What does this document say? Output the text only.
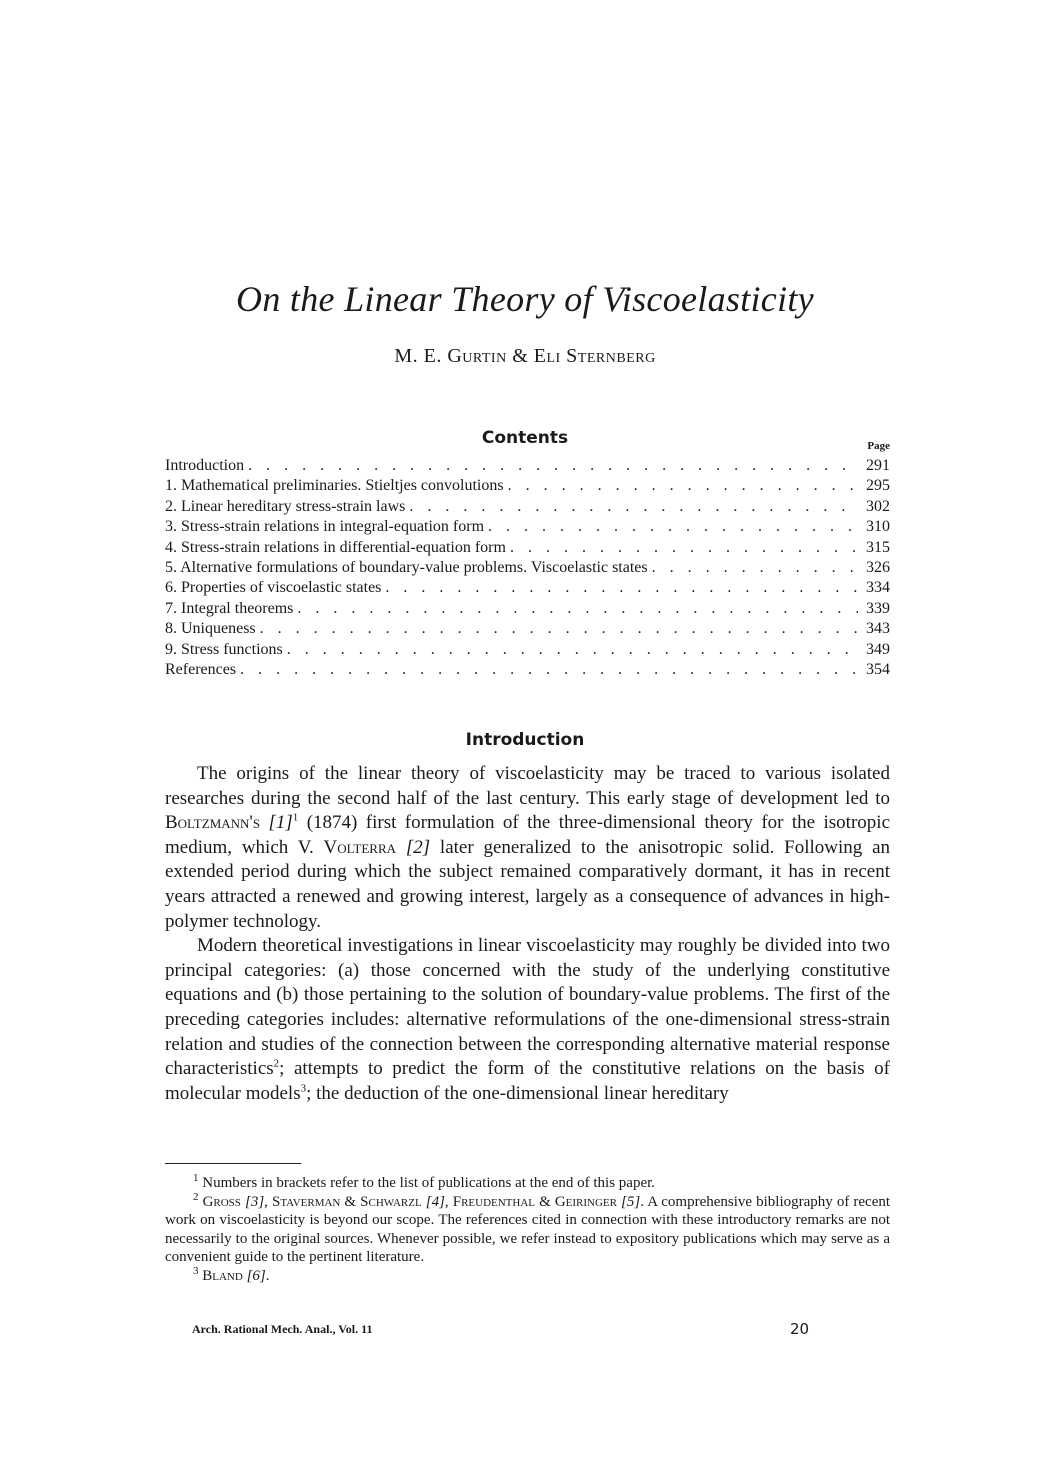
On the Linear Theory of Viscoelasticity
M. E. Gurtin & Eli Sternberg
Contents	Page
Introduction . . .	291
1. Mathematical preliminaries. Stieltjes convolutions . . .	295
2. Linear hereditary stress-strain laws . . .	302
3. Stress-strain relations in integral-equation form . . .	310
4. Stress-strain relations in differential-equation form . . .	315
5. Alternative formulations of boundary-value problems. Viscoelastic states . . .	326
6. Properties of viscoelastic states . . .	334
7. Integral theorems . . .	339
8. Uniqueness . . .	343
9. Stress functions . . .	349
References . . .	354
Introduction

The origins of the linear theory of viscoelasticity may be traced to various isolated researches during the second half of the last century. This early stage of development led to Boltzmann's $[1]^1$ (1874) first formulation of the three-dimensional theory for the isotropic medium, which V. Volterra [2] later generalized to the anisotropic solid. Following an extended period during which the subject remained comparatively dormant, it has in recent years attracted a renewed and growing interest, largely as a consequence of advances in high-polymer technology.

Modern theoretical investigations in linear viscoelasticity may roughly be divided into two principal categories: (a) those concerned with the study of the underlying constitutive equations and (b) those pertaining to the solution of boundary-value problems. The first of the preceding categories includes: alternative reformulations of the one-dimensional stress-strain relation and studies of the connection between the corresponding alternative material response characteristics$^2$; attempts to predict the form of the constitutive relations on the basis of molecular models$^3$; the deduction of the one-dimensional linear hereditary

$^1$ Numbers in brackets refer to the list of publications at the end of this paper.

$^2$ Gross [3], Staverman & Schwarzl [4], Freudenthal & Geiringer [5]. A comprehensive bibliography of recent work on viscoelasticity is beyond our scope. The references cited in connection with these introductory remarks are not necessarily to the original sources. Whenever possible, we refer instead to expository publications which may serve as a convenient guide to the pertinent literature.

$^3$ Bland [6].

Arch. Rational Mech. Anal., Vol. 11	20
